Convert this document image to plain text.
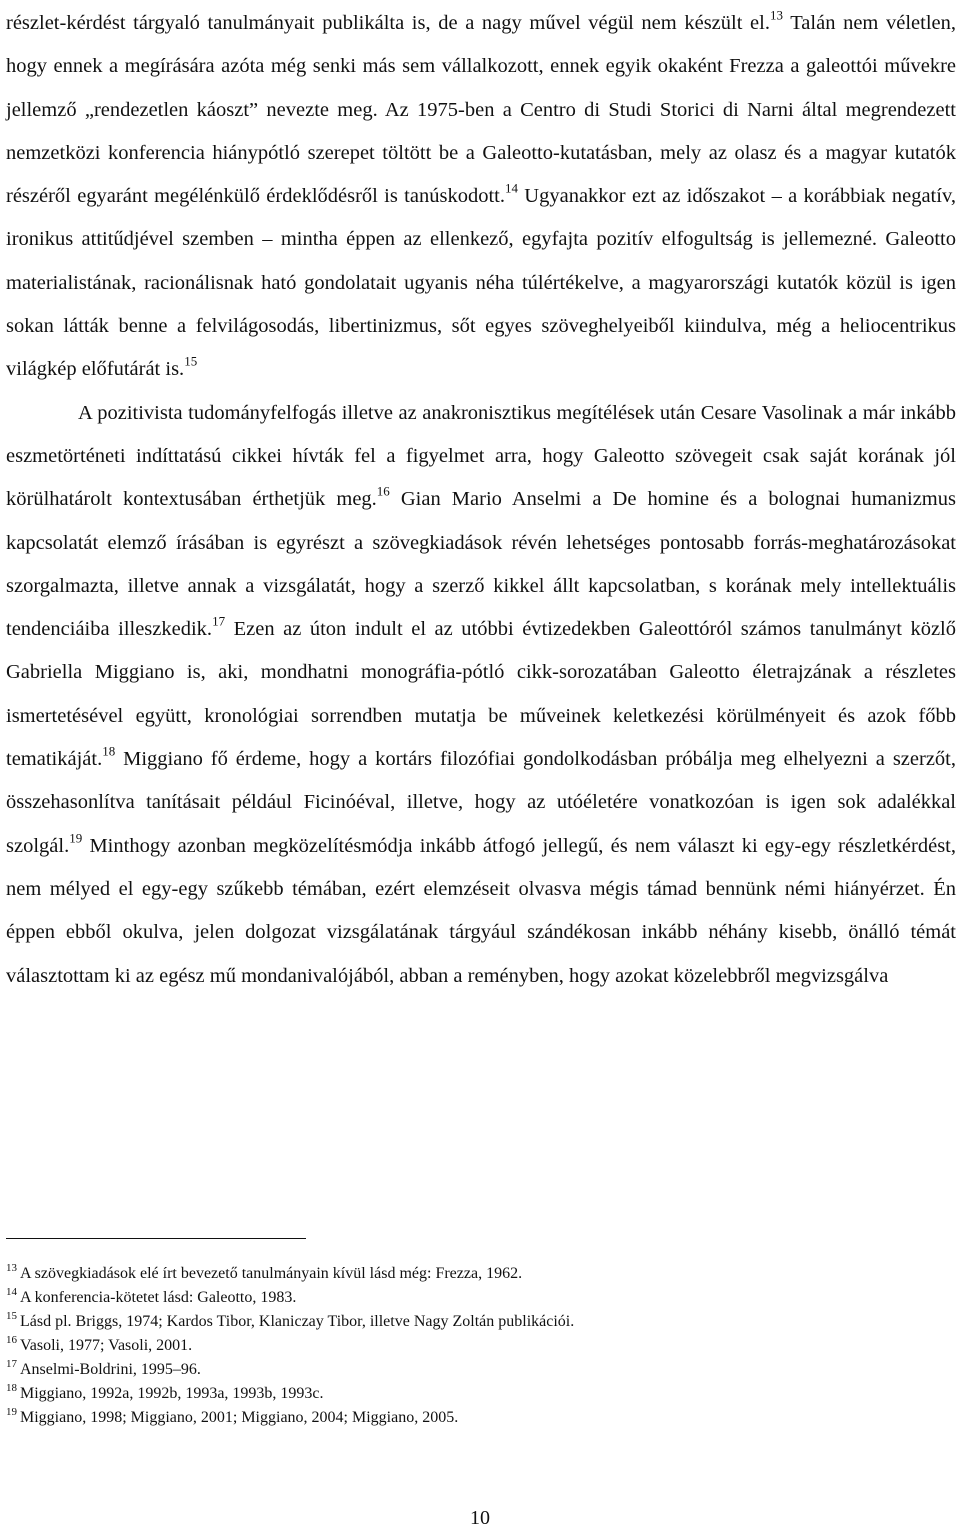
részlet-kérdést tárgyaló tanulmányait publikálta is, de a nagy művel végül nem készült el.$^{13}$ Talán nem véletlen, hogy ennek a megírására azóta még senki más sem vállalkozott, ennek egyik okaként Frezza a galeottói művekre jellemző „rendezetlen káoszt” nevezte meg. Az 1975-ben a Centro di Studi Storici di Narni által megrendezett nemzetközi konferencia hiánypótló szerepet töltött be a Galeotto-kutatásban, mely az olasz és a magyar kutatók részéről egyaránt megélénkülő érdeklődésről is tanúskodott.$^{14}$ Ugyanakkor ezt az időszakot – a korábbiak negatív, ironikus attitűdjével szemben – mintha éppen az ellenkező, egyfajta pozitív elfogultság is jellemezné. Galeotto materialistának, racionálisnak ható gondolatait ugyanis néha túlértékelve, a magyarországi kutatók közül is igen sokan látták benne a felvilágosodás, libertinizmus, sőt egyes szöveghelyeiből kiindulva, még a heliocentrikus világkép előfutárát is.$^{15}$

A pozitivista tudományfelfogás illetve az anakronisztikus megítélések után Cesare Vasolinak a már inkább eszmetörténeti indíttatású cikkei hívták fel a figyelmet arra, hogy Galeotto szövegeit csak saját korának jól körülhatárolt kontextusában érthetjük meg.$^{16}$ Gian Mario Anselmi a De homine és a bolognai humanizmus kapcsolatát elemző írásában is egyrészt a szövegkiadások révén lehetséges pontosabb forrás-meghatározásokat szorgalmazta, illetve annak a vizsgálatát, hogy a szerző kikkel állt kapcsolatban, s korának mely intellektuális tendenciáiba illeszkedik.$^{17}$ Ezen az úton indult el az utóbbi évtizedekben Galeottóról számos tanulmányt közlő Gabriella Miggiano is, aki, mondhatni monográfia-pótló cikk-sorozatában Galeotto életrajzának a részletes ismertetésével együtt, kronológiai sorrendben mutatja be műveinek keletkezési körülményeit és azok főbb tematikáját.$^{18}$ Miggiano fő érdeme, hogy a kortárs filozófiai gondolkodásban próbálja meg elhelyezni a szerzőt, összehasonlítva tanításait például Ficinóéval, illetve, hogy az utóéletére vonatkozóan is igen sok adalékkal szolgál.$^{19}$ Minthogy azonban megközelítésmódja inkább átfogó jellegű, és nem választ ki egy-egy részletkérdést, nem mélyed el egy-egy szűkebb témában, ezért elemzéseit olvasva mégis támad bennünk némi hiányérzet. Én éppen ebből okulva, jelen dolgozat vizsgálatának tárgyául szándékosan inkább néhány kisebb, önálló témát választottam ki az egész mű mondanivalójából, abban a reményben, hogy azokat közelebbről megvizsgálva

$^{13}$ A szövegkiadások elé írt bevezető tanulmányain kívül lásd még: Frezza, 1962.

$^{14}$ A konferencia-kötetet lásd: Galeotto, 1983.

$^{15}$ Lásd pl. Briggs, 1974; Kardos Tibor, Klaniczay Tibor, illetve Nagy Zoltán publikációi.

$^{16}$ Vasoli, 1977; Vasoli, 2001.

$^{17}$ Anselmi-Boldrini, 1995–96.

$^{18}$ Miggiano, 1992a, 1992b, 1993a, 1993b, 1993c.

$^{19}$ Miggiano, 1998; Miggiano, 2001; Miggiano, 2004; Miggiano, 2005.

10
